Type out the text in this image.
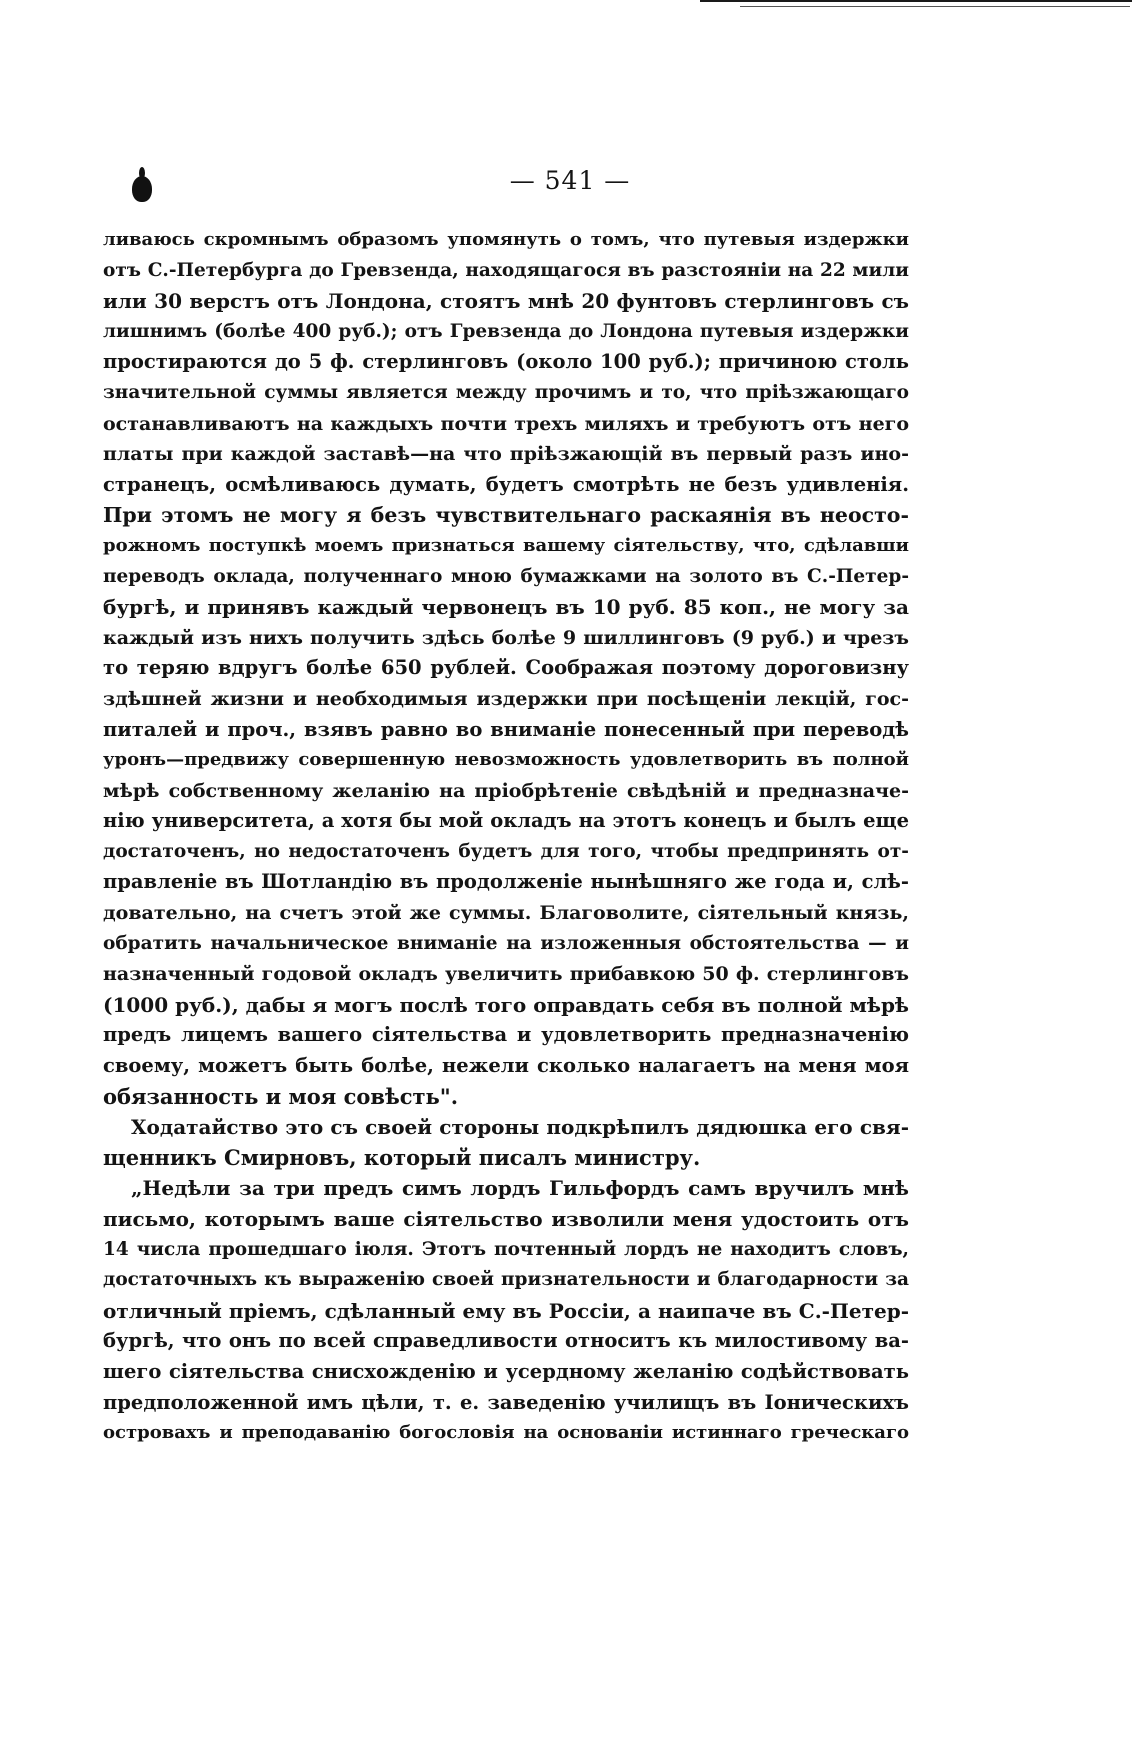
— 541 —
ливаюсь скромнымъ образомъ упомянуть о томъ, что путевыя издержки
отъ С.-Петербурга до Гревзенда, находящагося въ разстояніи на 22 мили
или 30 верстъ отъ Лондона, стоятъ мнѣ 20 фунтовъ стерлинговъ съ
лишнимъ (болѣе 400 руб.); отъ Гревзенда до Лондона путевыя издержки
простираются до 5 ф. стерлинговъ (около 100 руб.); причиною столь
значительной суммы является между прочимъ и то, что пріѣзжающаго
останавливаютъ на каждыхъ почти трехъ миляхъ и требуютъ отъ него
платы при каждой заставѣ—на что пріѣзжающій въ первый разъ ино-
странецъ, осмѣливаюсь думать, будетъ смотрѣть не безъ удивленія.
При этомъ не могу я безъ чувствительнаго раскаянія въ неосто-
рожномъ поступкѣ моемъ признаться вашему сіятельству, что, сдѣлавши
переводъ оклада, полученнаго мною бумажками на золото въ С.-Петер-
бургѣ, и принявъ каждый червонецъ въ 10 руб. 85 коп., не могу за
каждый изъ нихъ получить здѣсь болѣе 9 шиллинговъ (9 руб.) и чрезъ
то теряю вдругъ болѣе 650 рублей. Соображая поэтому дороговизну
здѣшней жизни и необходимыя издержки при посѣщеніи лекцій, гос-
питалей и проч., взявъ равно во вниманіе понесенный при переводѣ
уронъ—предвижу совершенную невозможность удовлетворить въ полной
мѣрѣ собственному желанію на пріобрѣтеніе свѣдѣній и предназначе-
нію университета, а хотя бы мой окладъ на этотъ конецъ и былъ еще
достаточенъ, но недостаточенъ будетъ для того, чтобы предпринять от-
правленіе въ Шотландію въ продолженіе нынѣшняго же года и, слѣ-
довательно, на счетъ этой же суммы. Благоволите, сіятельный князь,
обратить начальническое вниманіе на изложенныя обстоятельства — и
назначенный годовой окладъ увеличить прибавкою 50 ф. стерлинговъ
(1000 руб.), дабы я могъ послѣ того оправдать себя въ полной мѣрѣ
предъ лицемъ вашего сіятельства и удовлетворить предназначенію
своему, можетъ быть болѣе, нежели сколько налагаетъ на меня моя
обязанность и моя совѣсть".
Ходатайство это съ своей стороны подкрѣпилъ дядюшка его свя-
щенникъ Смирновъ, который писалъ министру.
„Недѣли за три предъ симъ лордъ Гильфордъ самъ вручилъ мнѣ
письмо, которымъ ваше сіятельство изволили меня удостоить отъ
14 числа прошедшаго іюля. Этотъ почтенный лордъ не находитъ словъ,
достаточныхъ къ выраженію своей признательности и благодарности за
отличный пріемъ, сдѣланный ему въ Россіи, а наипаче въ С.-Петер-
бургѣ, что онъ по всей справедливости относитъ къ милостивому ва-
шего сіятельства снисхожденію и усердному желанію содѣйствовать
предположенной имъ цѣли, т. е. заведенію училищъ въ Іоническихъ
островахъ и преподаванію богословія на основаніи истиннаго греческаго
